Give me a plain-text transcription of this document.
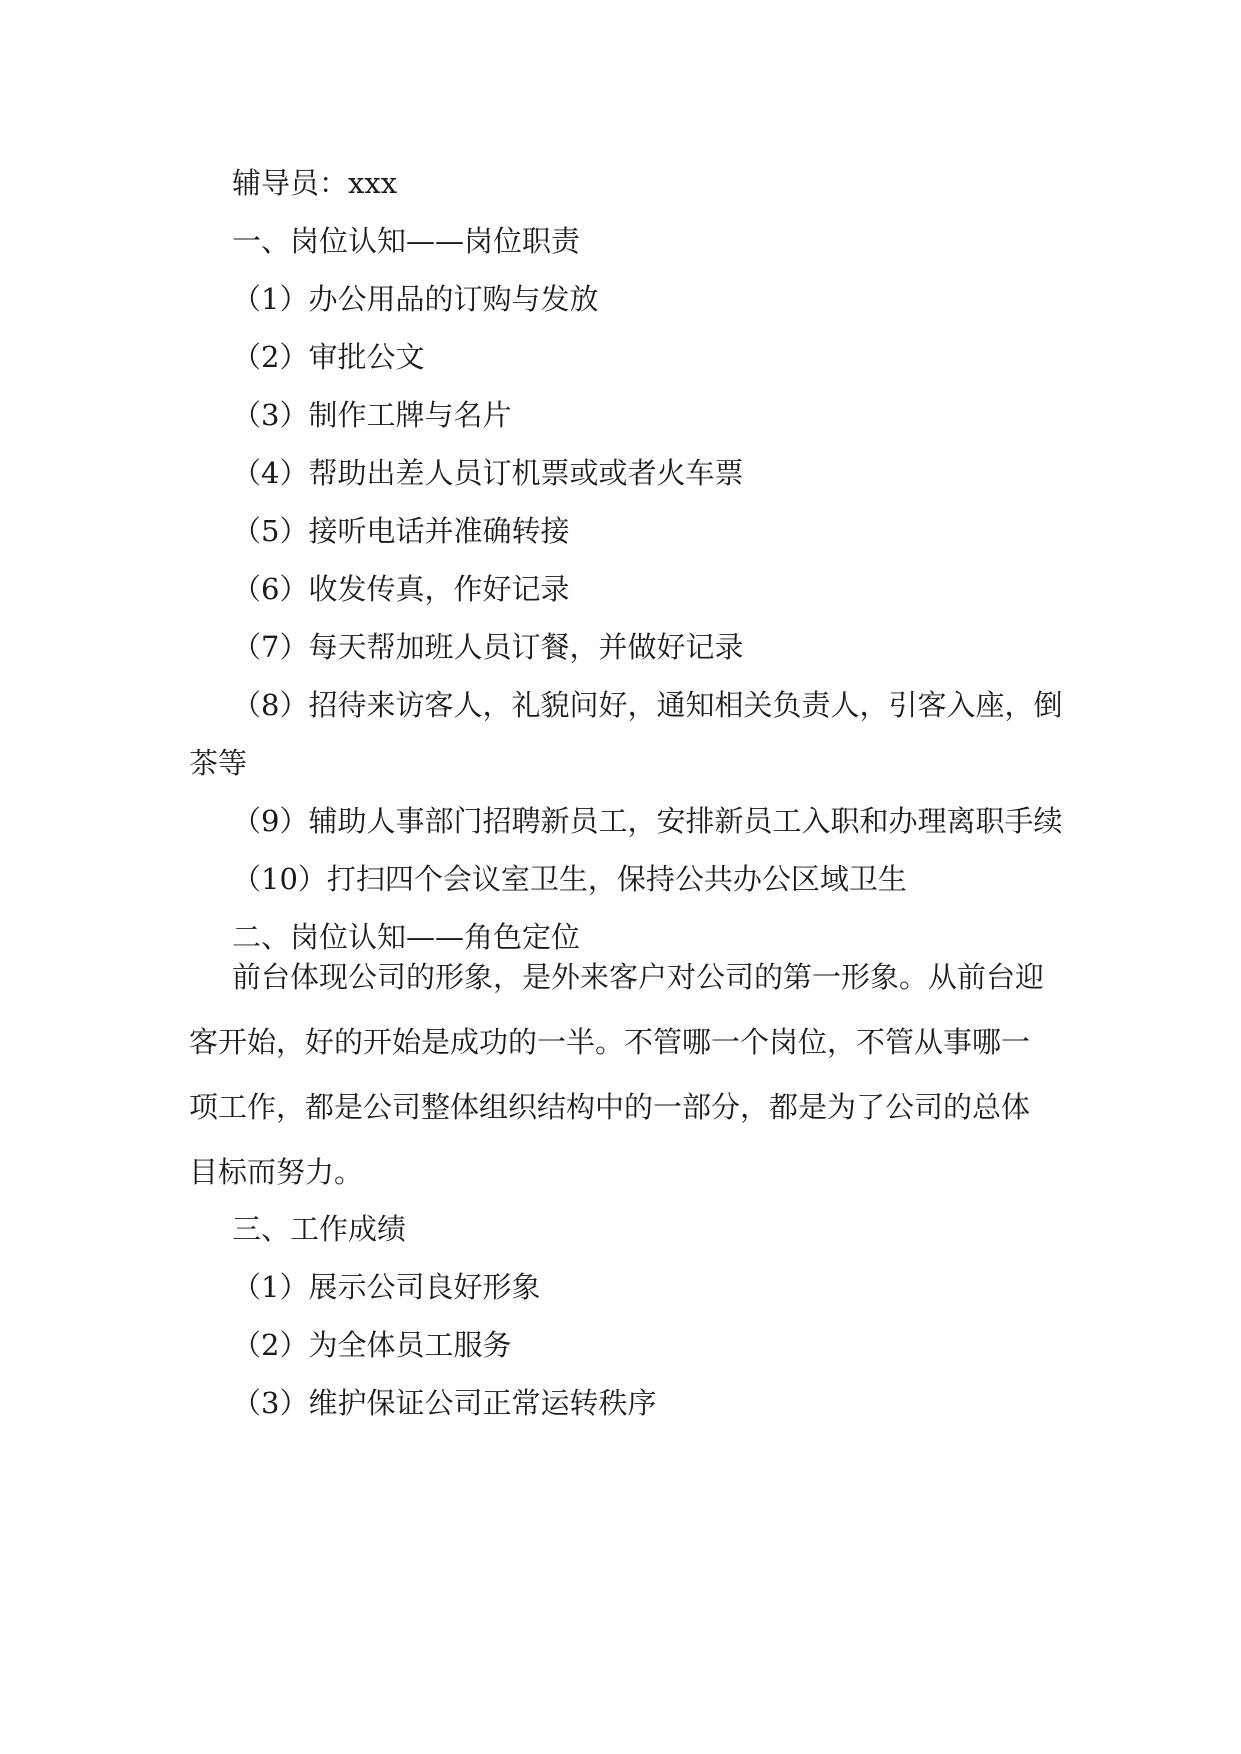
辅导员：xxx
一、岗位认知——岗位职责
（1）办公用品的订购与发放
（2）审批公文
（3）制作工牌与名片
（4）帮助出差人员订机票或或者火车票
（5）接听电话并准确转接
（6）收发传真，作好记录
（7）每天帮加班人员订餐，并做好记录
（8）招待来访客人，礼貌问好，通知相关负责人，引客入座，倒
茶等
（9）辅助人事部门招聘新员工，安排新员工入职和办理离职手续
（10）打扫四个会议室卫生，保持公共办公区域卫生
二、岗位认知——角色定位
前台体现公司的形象，是外来客户对公司的第一形象。从前台迎客开始，好的开始是成功的一半。不管哪一个岗位，不管从事哪一项工作，都是公司整体组织结构中的一部分，都是为了公司的总体目标而努力。
三、工作成绩
（1）展示公司良好形象
（2）为全体员工服务
（3）维护保证公司正常运转秩序
